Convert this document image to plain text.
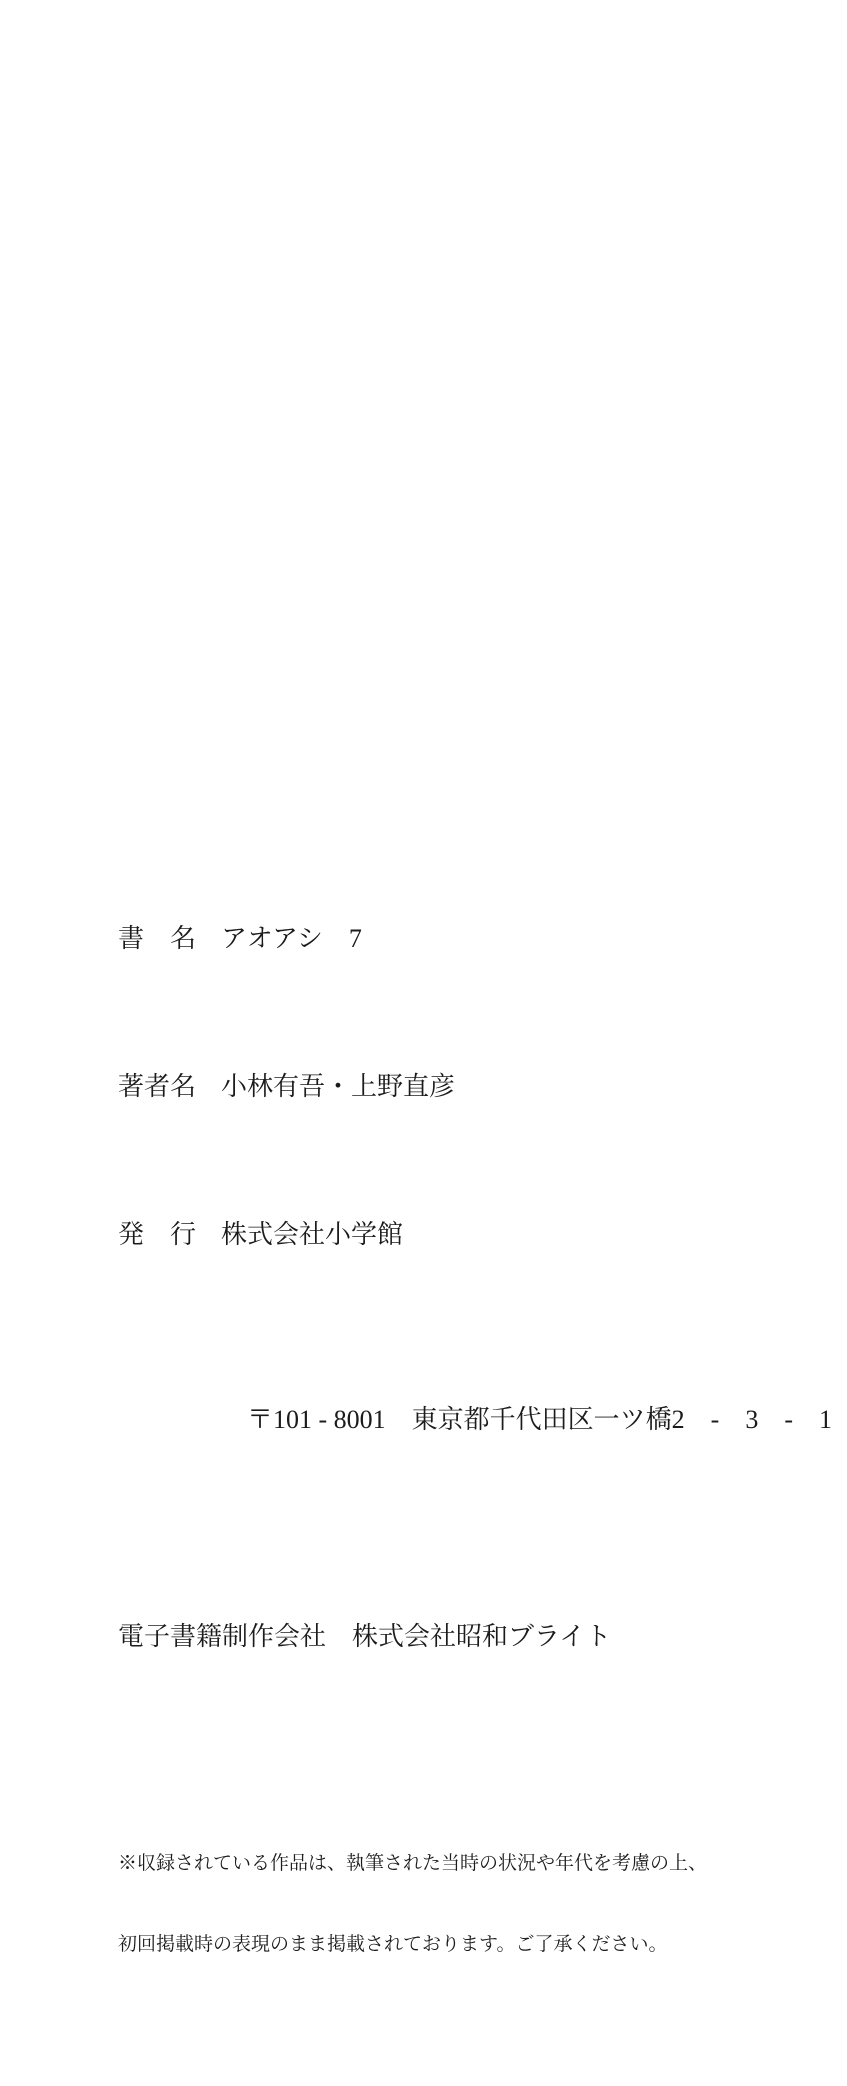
書　名 アオアシ　7

著者名 小林有吾・上野直彦

発　行 株式会社小学館

〒101 - 8001　東京都千代田区一ツ橋2　-　3　-　1

電子書籍制作会社 株式会社昭和ブライト

※収録されている作品は、執筆された当時の状況や年代を考慮の上、

初回掲載時の表現のまま掲載されております。ご了承ください。
